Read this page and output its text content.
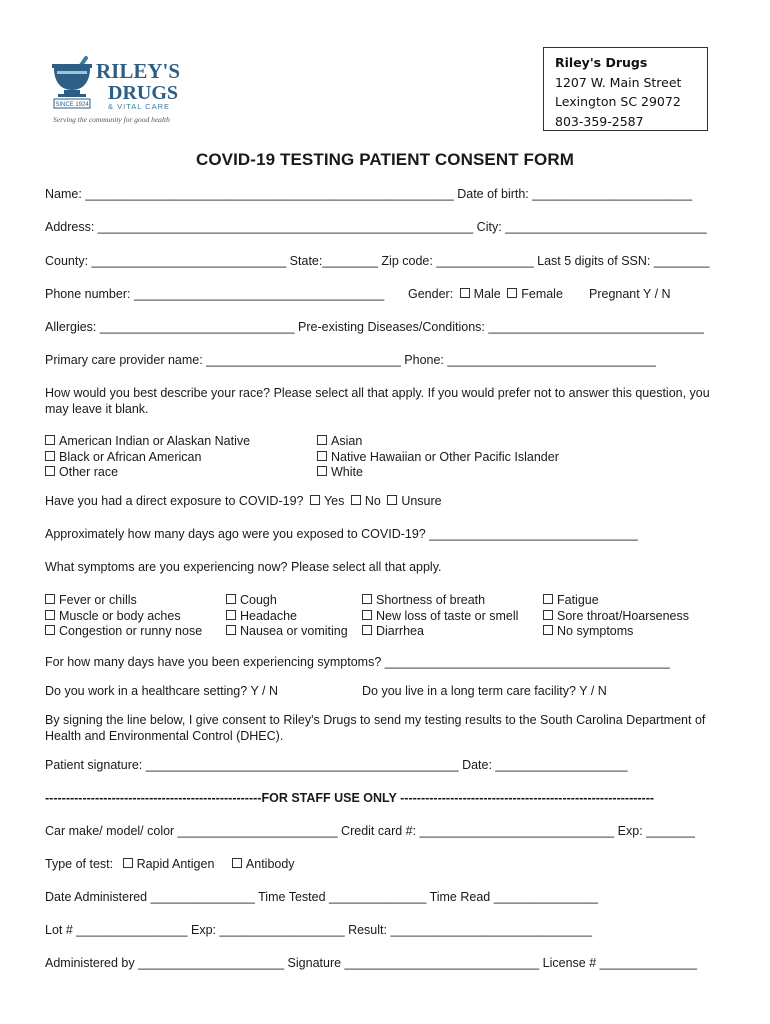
SINCE 1924
RILEY'S
DRUGS
& VITAL CARE
Serving the community for good health
Riley's Drugs
1207 W. Main Street
Lexington SC 29072
803-359-2587
COVID-19 TESTING PATIENT CONSENT FORM
Name: _____________________________________________________ Date of birth: _______________________
Address: ______________________________________________________ City: _____________________________
County: ____________________________ State:________ Zip code: ______________ Last 5 digits of SSN: ________
Phone number: ____________________________________ Gender: Male Female Pregnant Y / N
Allergies: ____________________________ Pre-existing Diseases/Conditions: _______________________________
Primary care provider name: ____________________________ Phone: ______________________________
How would you best describe your race? Please select all that apply. If you would prefer not to answer this question, you may leave it blank.
American Indian or Alaskan Native
Black or African American
Other race
Asian
Native Hawaiian or Other Pacific Islander
White
Have you had a direct exposure to COVID-19? Yes No Unsure
Approximately how many days ago were you exposed to COVID-19? ______________________________
What symptoms are you experiencing now? Please select all that apply.
Fever or chills
Muscle or body aches
Congestion or runny nose
Cough
Headache
Nausea or vomiting
Shortness of breath
New loss of taste or smell
Diarrhea
Fatigue
Sore throat/Hoarseness
No symptoms
For how many days have you been experiencing symptoms? _________________________________________
Do you work in a healthcare setting? Y / N	Do you live in a long term care facility? Y / N
By signing the line below, I give consent to Riley's Drugs to send my testing results to the South Carolina Department of Health and Environmental Control (DHEC).
Patient signature: _____________________________________________ Date: ___________________
----------------------------------------------------FOR STAFF USE ONLY -------------------------------------------------------------
Car make/ model/ color _______________________ Credit card #: ____________________________ Exp: _______
Type of test: Rapid Antigen	Antibody
Date Administered _______________ Time Tested ______________ Time Read _______________
Lot # ________________ Exp: __________________ Result: _____________________________
Administered by _____________________ Signature ____________________________ License # ______________
